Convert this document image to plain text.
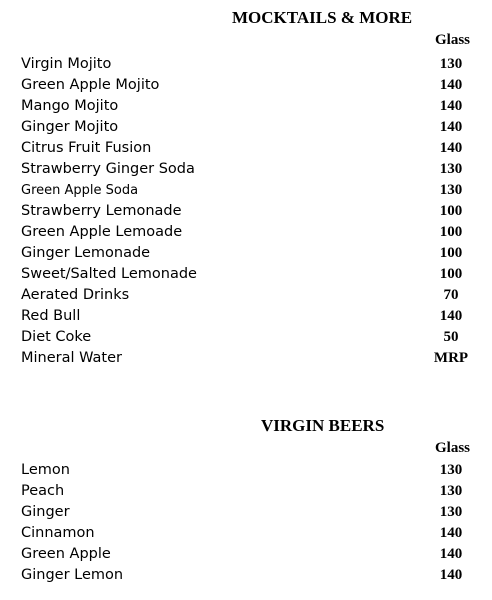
MOCKTAILS & MORE
Glass
Virgin Mojito	130
Green Apple Mojito	140
Mango Mojito	140
Ginger Mojito	140
Citrus Fruit Fusion	140
Strawberry Ginger Soda	130
Green Apple Soda	130
Strawberry Lemonade	100
Green Apple Lemoade	100
Ginger Lemonade	100
Sweet/Salted Lemonade	100
Aerated Drinks	70
Red Bull	140
Diet Coke	50
Mineral Water	MRP
VIRGIN BEERS
Glass
Lemon	130
Peach	130
Ginger	130
Cinnamon	140
Green Apple	140
Ginger Lemon	140
